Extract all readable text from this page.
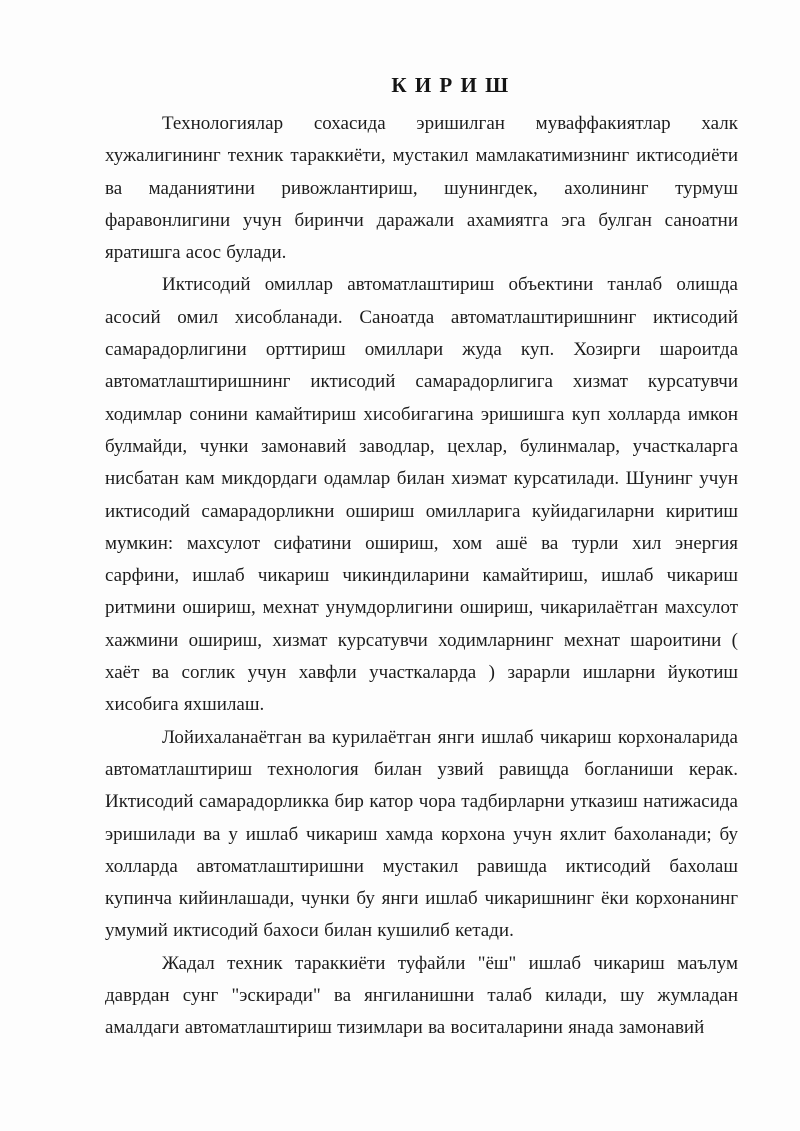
К И Р И Ш

Технологиялар сохасида эришилган муваффакиятлар халк хужалигининг техник тараккиёти, мустакил мамлакатимизнинг иктисодиёти ва маданиятини ривожлантириш, шунингдек, ахолининг турмуш фаравонлигини учун биринчи даражали ахамиятга эга булган саноатни яратишга асос булади.

Иктисодий омиллар автоматлаштириш объектини танлаб олишда асосий омил хисобланади. Саноатда автоматлаштиришнинг иктисодий самарадорлигини орттириш омиллари жуда куп. Хозирги шароитда автоматлаштиришнинг иктисодий самарадорлигига хизмат курсатувчи ходимлар сонини камайтириш хисобигагина эришишга куп холларда имкон булмайди, чунки замонавий заводлар, цехлар, булинмалар, участкаларга нисбатан кам микдордаги одамлар билан хиэмат курсатилади. Шунинг учун иктисодий самарадорликни ошириш омилларига куйидагиларни киритиш мумкин: махсулот сифатини ошириш, хом ашё ва турли хил энергия сарфини, ишлаб чикариш чикиндиларини камайтириш, ишлаб чикариш ритмини ошириш, мехнат унумдорлигини ошириш, чикарилаётган махсулот хажмини ошириш, хизмат курсатувчи ходимларнинг мехнат шароитини ( хаёт ва соглик учун хавфли участкаларда ) зарарли ишларни йукотиш хисобига яхшилаш.

Лойихаланаётган ва курилаётган янги ишлаб чикариш корхоналарида автоматлаштириш технология билан узвий равищда богланиши керак. Иктисодий самарадорликка бир катор чора тадбирларни утказиш натижасида эришилади ва у ишлаб чикариш хамда корхона учун яхлит бахоланади; бу холларда автоматлаштиришни мустакил равишда иктисодий бахолаш купинча кийинлашади, чунки бу янги ишлаб чикаришнинг ёки корхонанинг умумий иктисодий бахоси билан кушилиб кетади.

Жадал техник тараккиёти туфайли "ёш" ишлаб чикариш маълум даврдан сунг "эскиради" ва янгиланишни талаб килади, шу жумладан амалдаги автоматлаштириш тизимлари ва воситаларини янада замонавий
